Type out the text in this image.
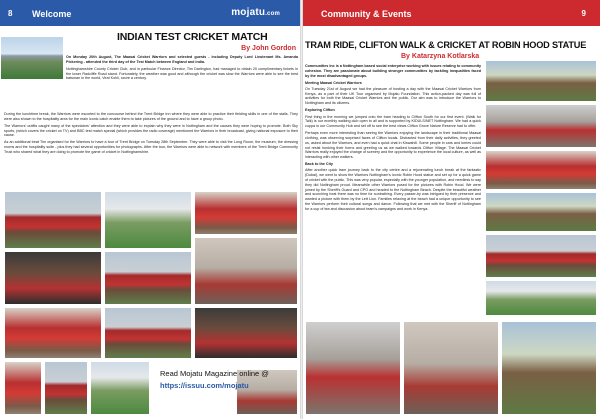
8 Welcome	mojatu.com
INDIAN TEST CRICKET MATCH
By John Gordon

On Monday 20th August, The Maasai Cricket Warriors and selected guests - including Deputy Lord Lieutenant Ms. Amanda Pickering - attended the third day of the Test Match between England and India.

Nottinghamshire County Cricket Club, and in particular Finance Director, Tim Darlington, had managed to obtain 20 complimentary tickets in the lower Radcliffe Road stand. Fortunately, the weather was good and although the cricket was slow the Warriors were able to see the best batsman in the world, Virat Kohli, score a century.

During the lunchtime break, the Warriors were escorted to the concourse behind the Trent Bridge Inn where they were able to practice their fielding skills in one of the stalls. They were also shown to the hospitality area for the main iconic catch enable them to take pictures of the ground and to have a group photo.

The Warriors' outfits caught many of the spectators' attention and they were able to explain why they were in Nottingham and the causes they were hoping to promote. Both Sky sports, (which covers the cricket on TV) and BBC test match special (which provides the radio coverage) mentioned the Warriors in their broadcast, giving national exposure to their cause.

As an additional treat Tim organised for the Warriors to have a tour of Trent Bridge on Tuesday 28th September. They were able to visit the Long Room, the museum, the dressing rooms and the hospitality suite - plus they had several opportunities for photographs. After the tour, the Warriors were able to network with members of the Trent Bridge Community Trust who shared what they are doing to promote the game of cricket in Nottinghamshire.

Read Mojatu Magazine online @
https://issuu.com/mojatu
Community & Events	9
TRAM RIDE, CLIFTON WALK & CRICKET AT ROBIN HOOD STATUE
By Katarzyna Kotlarska

Communities Inc is a Nottingham based social enterprise working with issues relating to community cohesion. They are passionate about building stronger communities by tackling inequalities faced by the most disadvantaged groups.

Meeting Maasai Cricket Warriors

On Tuesday 21st of August we had the pleasure of hosting a day with the Maasai Cricket Warriors from Kenya, as a part of their UK Tour organised by Mojatu Foundation. This action-packed day was full of activities for both the Maasai Cricket Warriors and the public. Our aim was to introduce the Warriors to Nottingham and its citizens.

Exploring Clifton

First thing in the morning we jumped onto the tram heading to Clifton South for our first event. (Walk for Talk) is our monthly walking club open to all and is supported by KIDULS/NET Nottingham. We had a quick cuppa in our Community Hub and set off to see the best views Clifton Grove Nature Reserve had to offer.

Perhaps even more interesting than seeing the Warriors enjoying the landscape in their traditional Maasai clothing, was observing surprised faces of Clifton locals. Distracted from their daily activities, they greeted us, asked about the Warriors, and even had a quick chat in Kiswahili. Some people in cars and lorries could not resist honking their horns and greeting us as we walked towards Clifton Village. The Maasai Cricket Warriors really enjoyed the change of scenery and the opportunity to experience the local culture, as well as interacting with other walkers.

Back to the City

After another quick tram journey back to the city centre and a rejuvenating lunch break at the fantastic (Dubai), we went to show the Warriors Nottingham's iconic Robin Hood statue and set up for a quick game of cricket with the public. This was very popular, especially with the younger population, and needless to say they did Nottingham proud. Meanwhile other Warriors posed for the pictures with Robin Hood. We were joined by the Sheriff's Guard and CPO and headed to the Nottingham Beach. Despite the beautiful weather and scorching heat there was no time for sunbathing. Every passer-by was intrigued by their presence and wanted a picture with them by the Lett Lion. Families relaxing at the beach had a unique opportunity to see the Warriors perform their cultural songs and dance. Following that we met with the Sheriff of Nottingham for a cup of tea and discussion about team's campaigns and work in Kenya.
